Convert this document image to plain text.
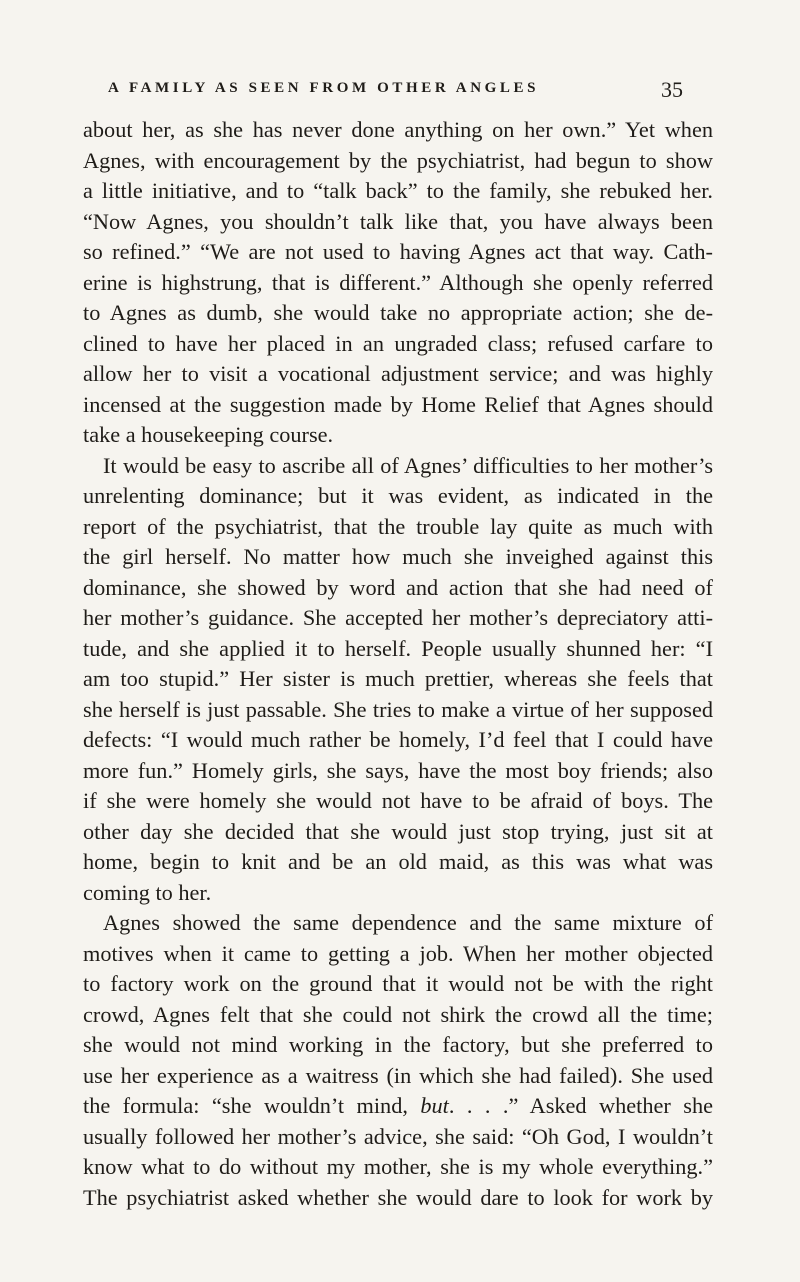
A FAMILY AS SEEN FROM OTHER ANGLES	35
about her, as she has never done anything on her own.” Yet when
Agnes, with encouragement by the psychiatrist, had begun to show
a little initiative, and to “talk back” to the family, she rebuked her.
“Now Agnes, you shouldn’t talk like that, you have always been
so refined.” “We are not used to having Agnes act that way. Cath-
erine is highstrung, that is different.” Although she openly referred
to Agnes as dumb, she would take no appropriate action; she de-
clined to have her placed in an ungraded class; refused carfare to
allow her to visit a vocational adjustment service; and was highly
incensed at the suggestion made by Home Relief that Agnes should
take a housekeeping course.
It would be easy to ascribe all of Agnes’ difficulties to her mother’s
unrelenting dominance; but it was evident, as indicated in the
report of the psychiatrist, that the trouble lay quite as much with
the girl herself. No matter how much she inveighed against this
dominance, she showed by word and action that she had need of
her mother’s guidance. She accepted her mother’s depreciatory atti-
tude, and she applied it to herself. People usually shunned her: “I
am too stupid.” Her sister is much prettier, whereas she feels that
she herself is just passable. She tries to make a virtue of her supposed
defects: “I would much rather be homely, I’d feel that I could have
more fun.” Homely girls, she says, have the most boy friends; also
if she were homely she would not have to be afraid of boys. The
other day she decided that she would just stop trying, just sit at
home, begin to knit and be an old maid, as this was what was
coming to her.
Agnes showed the same dependence and the same mixture of
motives when it came to getting a job. When her mother objected
to factory work on the ground that it would not be with the right
crowd, Agnes felt that she could not shirk the crowd all the time;
she would not mind working in the factory, but she preferred to
use her experience as a waitress (in which she had failed). She used
the formula: “she wouldn’t mind, but. . . .” Asked whether she
usually followed her mother’s advice, she said: “Oh God, I wouldn’t
know what to do without my mother, she is my whole everything.”
The psychiatrist asked whether she would dare to look for work by
